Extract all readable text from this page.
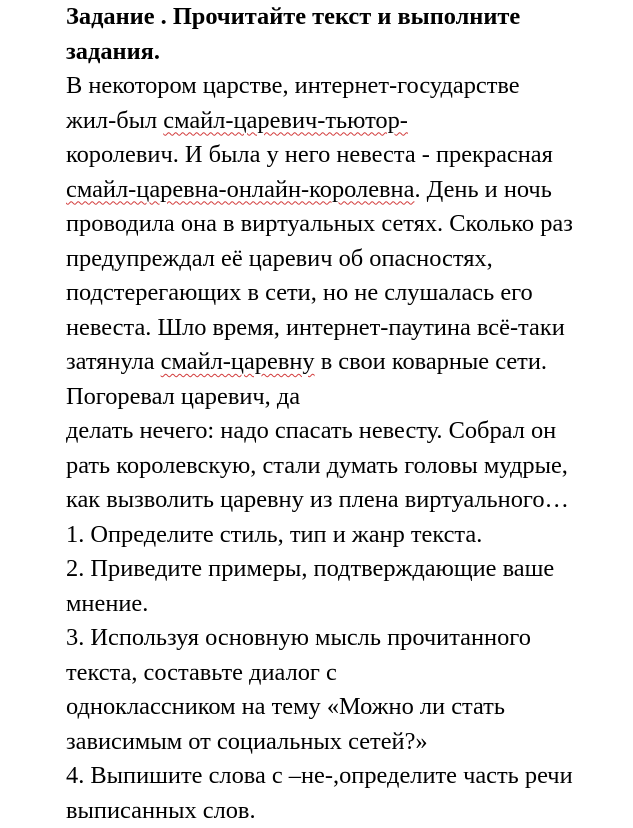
Задание . Прочитайте текст и выполните
задания.
В некотором царстве, интернет-государстве
жил-был смайл-царевич-тьютор-
королевич. И была у него невеста - прекрасная
смайл-царевна-онлайн-королевна. День и ночь
проводила она в виртуальных сетях. Сколько раз
предупреждал её царевич об опасностях,
подстерегающих в сети, но не слушалась его
невеста. Шло время, интернет-паутина всё-таки
затянула смайл-царевну в свои коварные сети.
Погоревал царевич, да
делать нечего: надо спасать невесту. Собрал он
рать королевскую, стали думать головы мудрые,
как вызволить царевну из плена виртуального…
1. Определите стиль, тип и жанр текста.
2. Приведите примеры, подтверждающие ваше
мнение.
3. Используя основную мысль прочитанного
текста, составьте диалог с
одноклассником на тему «Можно ли стать
зависимым от социальных сетей?»
4. Выпишите слова с –не-,определите часть речи
выписанных слов.
